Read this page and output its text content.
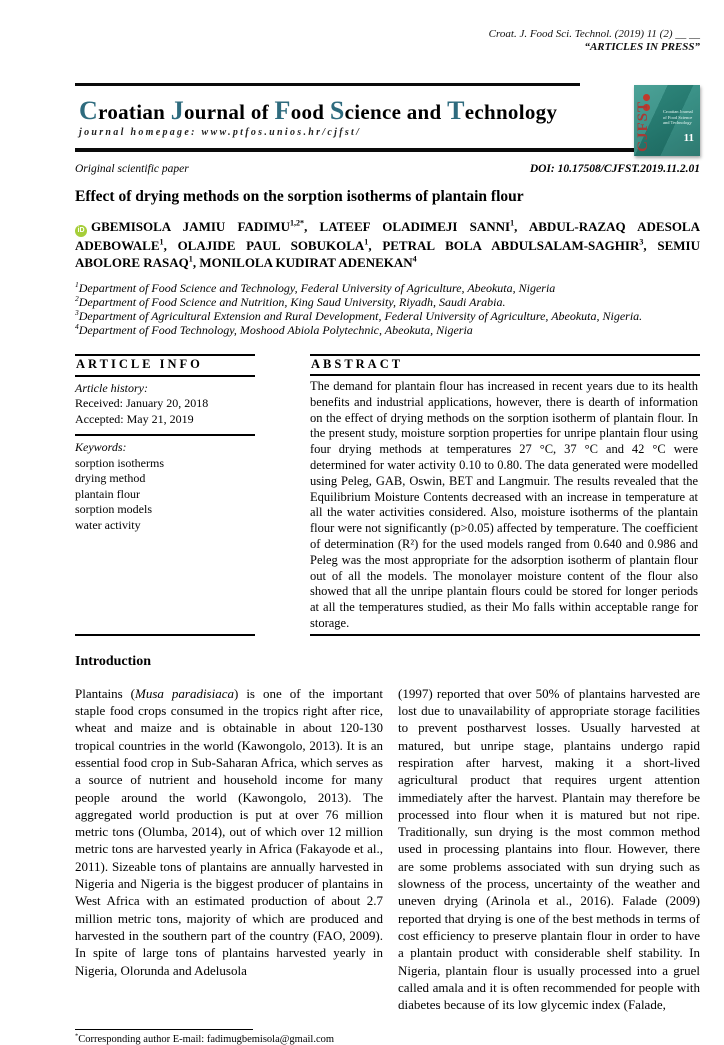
Croat. J. Food Sci. Technol. (2019) 11 (2) __ __
“ARTICLES IN PRESS”
Croatian Journal of Food Science and Technology
journal homepage: www.ptfos.unios.hr/cjfst/	CJFST	Croatian Journal of Food Science and Technology
11
Original scientific paper	DOI: 10.17508/CJFST.2019.11.2.01
Effect of drying methods on the sorption isotherms of plantain flour
iD GBEMISOLA JAMIU $FADIMU^{1,2*}$, LATEEF OLADIMEJI SANNI$^1$, ABDUL-RAZAQ ADESOLA ADEBOWALE$^1$, OLAJIDE PAUL SOBUKOLA$^1$, PETRAL BOLA ABDULSALAM-SAGHIR$^3$, SEMIU ABOLORE RASAQ$^1$, MONILOLA KUDIRAT ADENEKAN$^4$
$^1$Department of Food Science and Technology, Federal University of Agriculture, Abeokuta, Nigeria
$^2$Department of Food Science and Nutrition, King Saud University, Riyadh, Saudi Arabia.
$^3$Department of Agricultural Extension and Rural Development, Federal University of Agriculture, Abeokuta, Nigeria.
$^4$Department of Food Technology, Moshood Abiola Polytechnic, Abeokuta, Nigeria
ARTICLE INFO
Article history:
Received: January 20, 2018
Accepted: May 21, 2019
Keywords:
sorption isotherms
drying method
plantain flour
sorption models
water activity
ABSTRACT
The demand for plantain flour has increased in recent years due to its health benefits and industrial applications, however, there is dearth of information on the effect of drying methods on the sorption isotherm of plantain flour. In the present study, moisture sorption properties for unripe plantain flour using four drying methods at temperatures 27 °C, 37 °C and 42 °C were determined for water activity 0.10 to 0.80. The data generated were modelled using Peleg, GAB, Oswin, BET and Langmuir. The results revealed that the Equilibrium Moisture Contents decreased with an increase in temperature at all the water activities considered. Also, moisture isotherms of the plantain flour were not significantly (p>0.05) affected by temperature. The coefficient of determination (R²) for the used models ranged from 0.640 and 0.986 and Peleg was the most appropriate for the adsorption isotherm of plantain flour out of all the models. The monolayer moisture content of the flour also showed that all the unripe plantain flours could be stored for longer periods at all the temperatures studied, as their Mo falls within acceptable range for storage.
Introduction
Plantains (Musa paradisiaca) is one of the important staple food crops consumed in the tropics right after rice, wheat and maize and is obtainable in about 120-130 tropical countries in the world (Kawongolo, 2013). It is an essential food crop in Sub-Saharan Africa, which serves as a source of nutrient and household income for many people around the world (Kawongolo, 2013). The aggregated world production is put at over 76 million metric tons (Olumba, 2014), out of which over 12 million metric tons are harvested yearly in Africa (Fakayode et al., 2011). Sizeable tons of plantains are annually harvested in Nigeria and Nigeria is the biggest producer of plantains in West Africa with an estimated production of about 2.7 million metric tons, majority of which are produced and harvested in the southern part of the country (FAO, 2009). In spite of large tons of plantains harvested yearly in Nigeria, Olorunda and Adelusola
(1997) reported that over 50% of plantains harvested are lost due to unavailability of appropriate storage facilities to prevent postharvest losses. Usually harvested at matured, but unripe stage, plantains undergo rapid respiration after harvest, making it a short-lived agricultural product that requires urgent attention immediately after the harvest. Plantain may therefore be processed into flour when it is matured but not ripe. Traditionally, sun drying is the most common method used in processing plantains into flour. However, there are some problems associated with sun drying such as slowness of the process, uncertainty of the weather and uneven drying (Arinola et al., 2016). Falade (2009) reported that drying is one of the best methods in terms of cost efficiency to preserve plantain flour in order to have a plantain product with considerable shelf stability. In Nigeria, plantain flour is usually processed into a gruel called amala and it is often recommended for people with diabetes because of its low glycemic index (Falade,
*Corresponding author E-mail: fadimugbemisola@gmail.com
